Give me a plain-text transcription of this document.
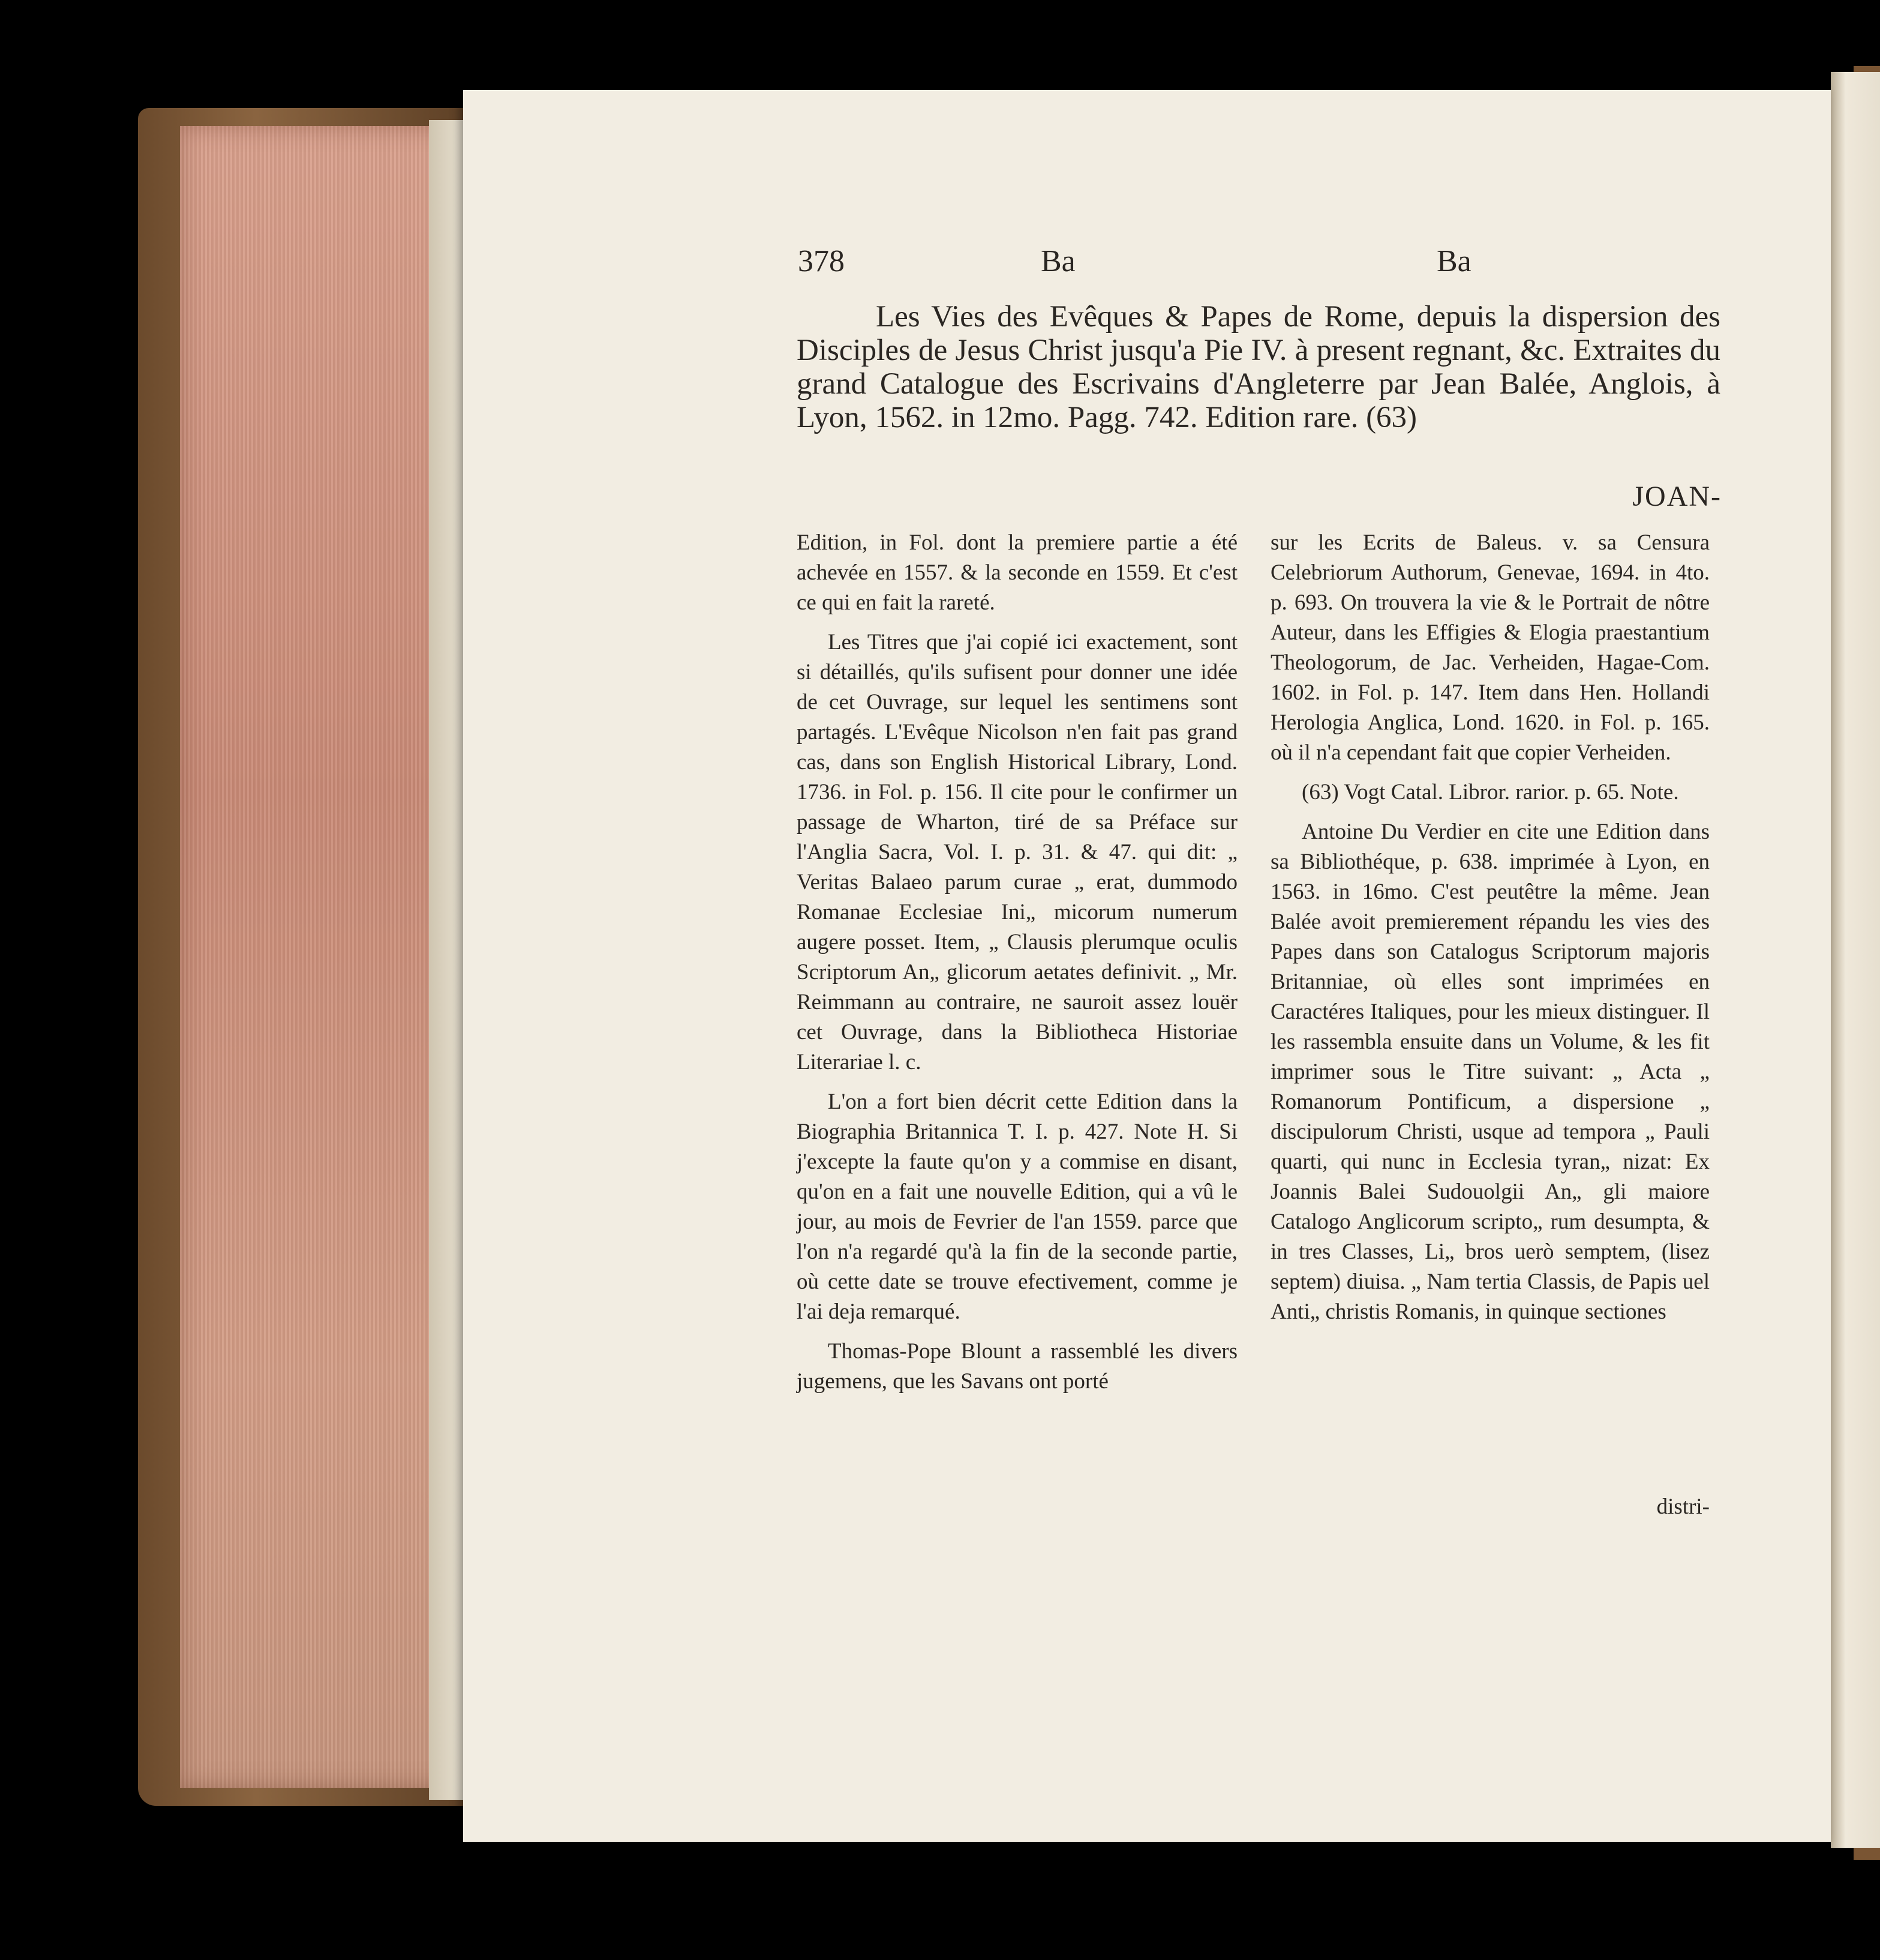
378	Ba	Ba

Les Vies des Evêques & Papes de Rome, depuis la dispersion des Disciples de Jesus Christ jusqu'a Pie IV. à present regnant, &c. Extraites du grand Catalogue des Escrivains d'Angleterre par Jean Balée, Anglois, à Lyon, 1562. in 12mo. Pagg. 742. Edition rare. (63)

JOAN-

Edition, in Fol. dont la premiere partie a été achevée en 1557. & la seconde en 1559. Et c'est ce qui en fait la rareté.

Les Titres que j'ai copié ici exactement, sont si détaillés, qu'ils sufisent pour donner une idée de cet Ouvrage, sur lequel les sentimens sont partagés. L'Evêque Nicolson n'en fait pas grand cas, dans son English Historical Library, Lond. 1736. in Fol. p. 156. Il cite pour le confirmer un passage de Wharton, tiré de sa Préface sur l'Anglia Sacra, Vol. I. p. 31. & 47. qui dit: „ Veritas Balaeo parum curae „ erat, dummodo Romanae Ecclesiae Ini„ micorum numerum augere posset. Item, „ Clausis plerumque oculis Scriptorum An„ glicorum aetates definivit. „ Mr. Reimmann au contraire, ne sauroit assez louër cet Ouvrage, dans la Bibliotheca Historiae Literariae l. c.

L'on a fort bien décrit cette Edition dans la Biographia Britannica T. I. p. 427. Note H. Si j'excepte la faute qu'on y a commise en disant, qu'on en a fait une nouvelle Edition, qui a vû le jour, au mois de Fevrier de l'an 1559. parce que l'on n'a regardé qu'à la fin de la seconde partie, où cette date se trouve efectivement, comme je l'ai deja remarqué.

Thomas-Pope Blount a rassemblé les divers jugemens, que les Savans ont porté

sur les Ecrits de Baleus. v. sa Censura Celebriorum Authorum, Genevae, 1694. in 4to. p. 693. On trouvera la vie & le Portrait de nôtre Auteur, dans les Effigies & Elogia praestantium Theologorum, de Jac. Verheiden, Hagae-Com. 1602. in Fol. p. 147. Item dans Hen. Hollandi Herologia Anglica, Lond. 1620. in Fol. p. 165. où il n'a cependant fait que copier Verheiden.

(63) Vogt Catal. Libror. rarior. p. 65. Note.

Antoine Du Verdier en cite une Edition dans sa Bibliothéque, p. 638. imprimée à Lyon, en 1563. in 16mo. C'est peutêtre la même. Jean Balée avoit premierement répandu les vies des Papes dans son Catalogus Scriptorum majoris Britanniae, où elles sont imprimées en Caractéres Italiques, pour les mieux distinguer. Il les rassembla ensuite dans un Volume, & les fit imprimer sous le Titre suivant: „ Acta „ Romanorum Pontificum, a dispersione „ discipulorum Christi, usque ad tempora „ Pauli quarti, qui nunc in Ecclesia tyran„ nizat: Ex Joannis Balei Sudouolgii An„ gli maiore Catalogo Anglicorum scripto„ rum desumpta, & in tres Classes, Li„ bros uerò semptem, (lisez septem) diuisa. „ Nam tertia Classis, de Papis uel Anti„ christis Romanis, in quinque sectiones

distri-
